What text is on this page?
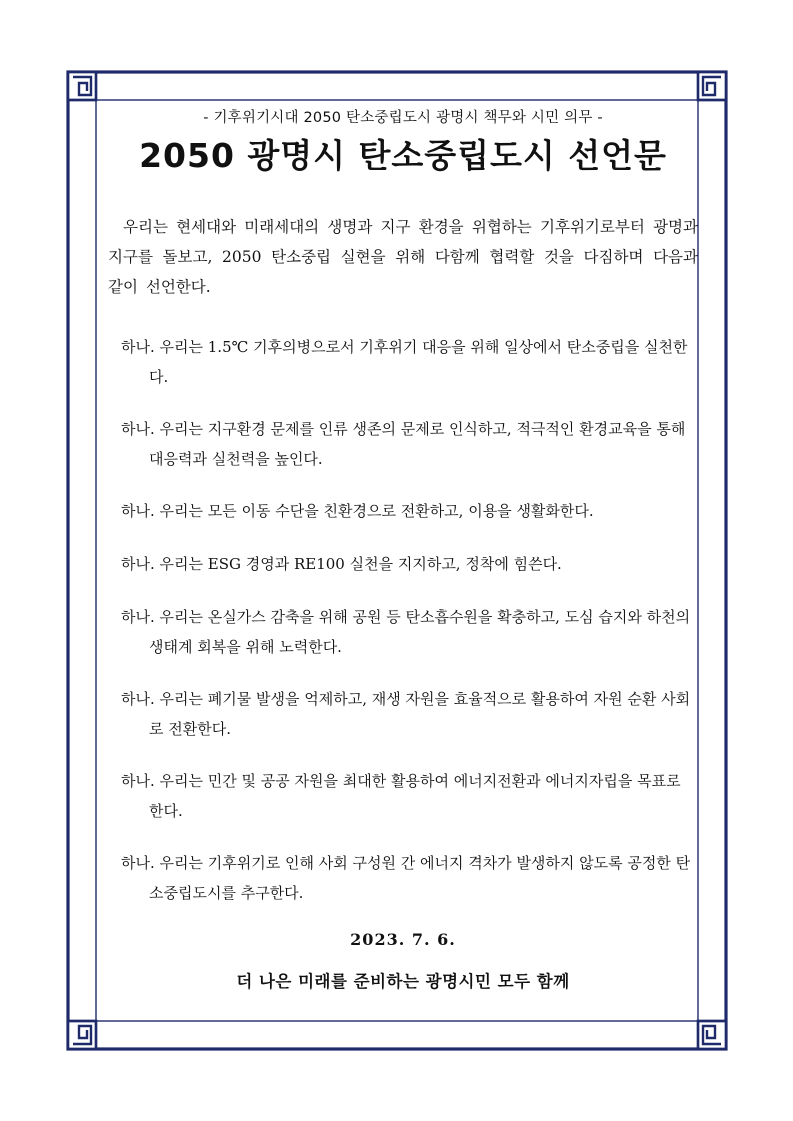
- 기후위기시대 2050 탄소중립도시 광명시 책무와 시민 의무 -
2050 광명시 탄소중립도시 선언문
우리는 현세대와 미래세대의 생명과 지구 환경을 위협하는 기후위기로부터 광명과 지구를 돌보고, 2050 탄소중립 실현을 위해 다함께 협력할 것을 다짐하며 다음과 같이 선언한다.
하나. 우리는 1.5℃ 기후의병으로서 기후위기 대응을 위해 일상에서 탄소중립을 실천한다.
하나. 우리는 지구환경 문제를 인류 생존의 문제로 인식하고, 적극적인 환경교육을 통해 대응력과 실천력을 높인다.
하나. 우리는 모든 이동 수단을 친환경으로 전환하고, 이용을 생활화한다.
하나. 우리는 ESG 경영과 RE100 실천을 지지하고, 정착에 힘쓴다.
하나. 우리는 온실가스 감축을 위해 공원 등 탄소흡수원을 확충하고, 도심 습지와 하천의 생태계 회복을 위해 노력한다.
하나. 우리는 폐기물 발생을 억제하고, 재생 자원을 효율적으로 활용하여 자원 순환 사회로 전환한다.
하나. 우리는 민간 및 공공 자원을 최대한 활용하여 에너지전환과 에너지자립을 목표로 한다.
하나. 우리는 기후위기로 인해 사회 구성원 간 에너지 격차가 발생하지 않도록 공정한 탄소중립도시를 추구한다.
2023. 7. 6.
더 나은 미래를 준비하는 광명시민 모두 함께
